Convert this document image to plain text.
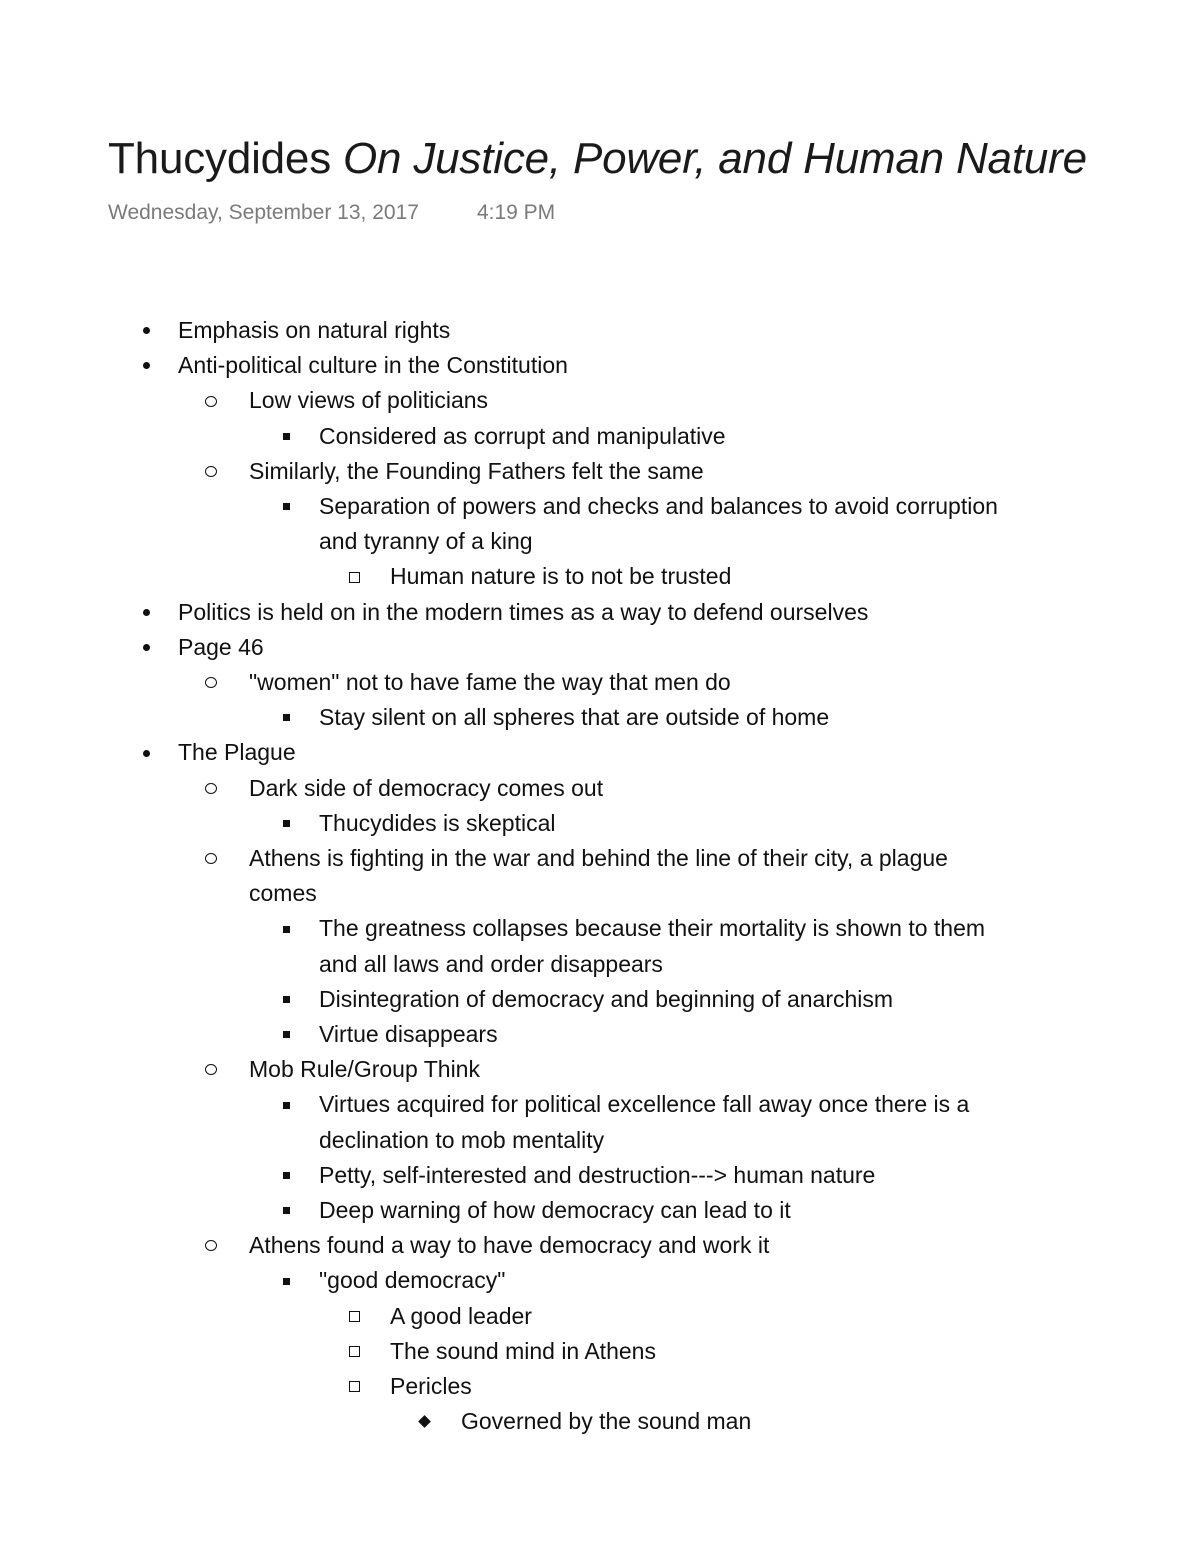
Thucydides On Justice, Power, and Human Nature
Wednesday, September 13, 2017	4:19 PM
Emphasis on natural rights
Anti-political culture in the Constitution
Low views of politicians
Considered as corrupt and manipulative
Similarly, the Founding Fathers felt the same
Separation of powers and checks and balances to avoid corruption
and tyranny of a king
Human nature is to not be trusted
Politics is held on in the modern times as a way to defend ourselves
Page 46
"women" not to have fame the way that men do
Stay silent on all spheres that are outside of home
The Plague
Dark side of democracy comes out
Thucydides is skeptical
Athens is fighting in the war and behind the line of their city, a plague
comes
The greatness collapses because their mortality is shown to them
and all laws and order disappears
Disintegration of democracy and beginning of anarchism
Virtue disappears
Mob Rule/Group Think
Virtues acquired for political excellence fall away once there is a
declination to mob mentality
Petty, self-interested and destruction---> human nature
Deep warning of how democracy can lead to it
Athens found a way to have democracy and work it
"good democracy"
A good leader
The sound mind in Athens
Pericles
Governed by the sound man
